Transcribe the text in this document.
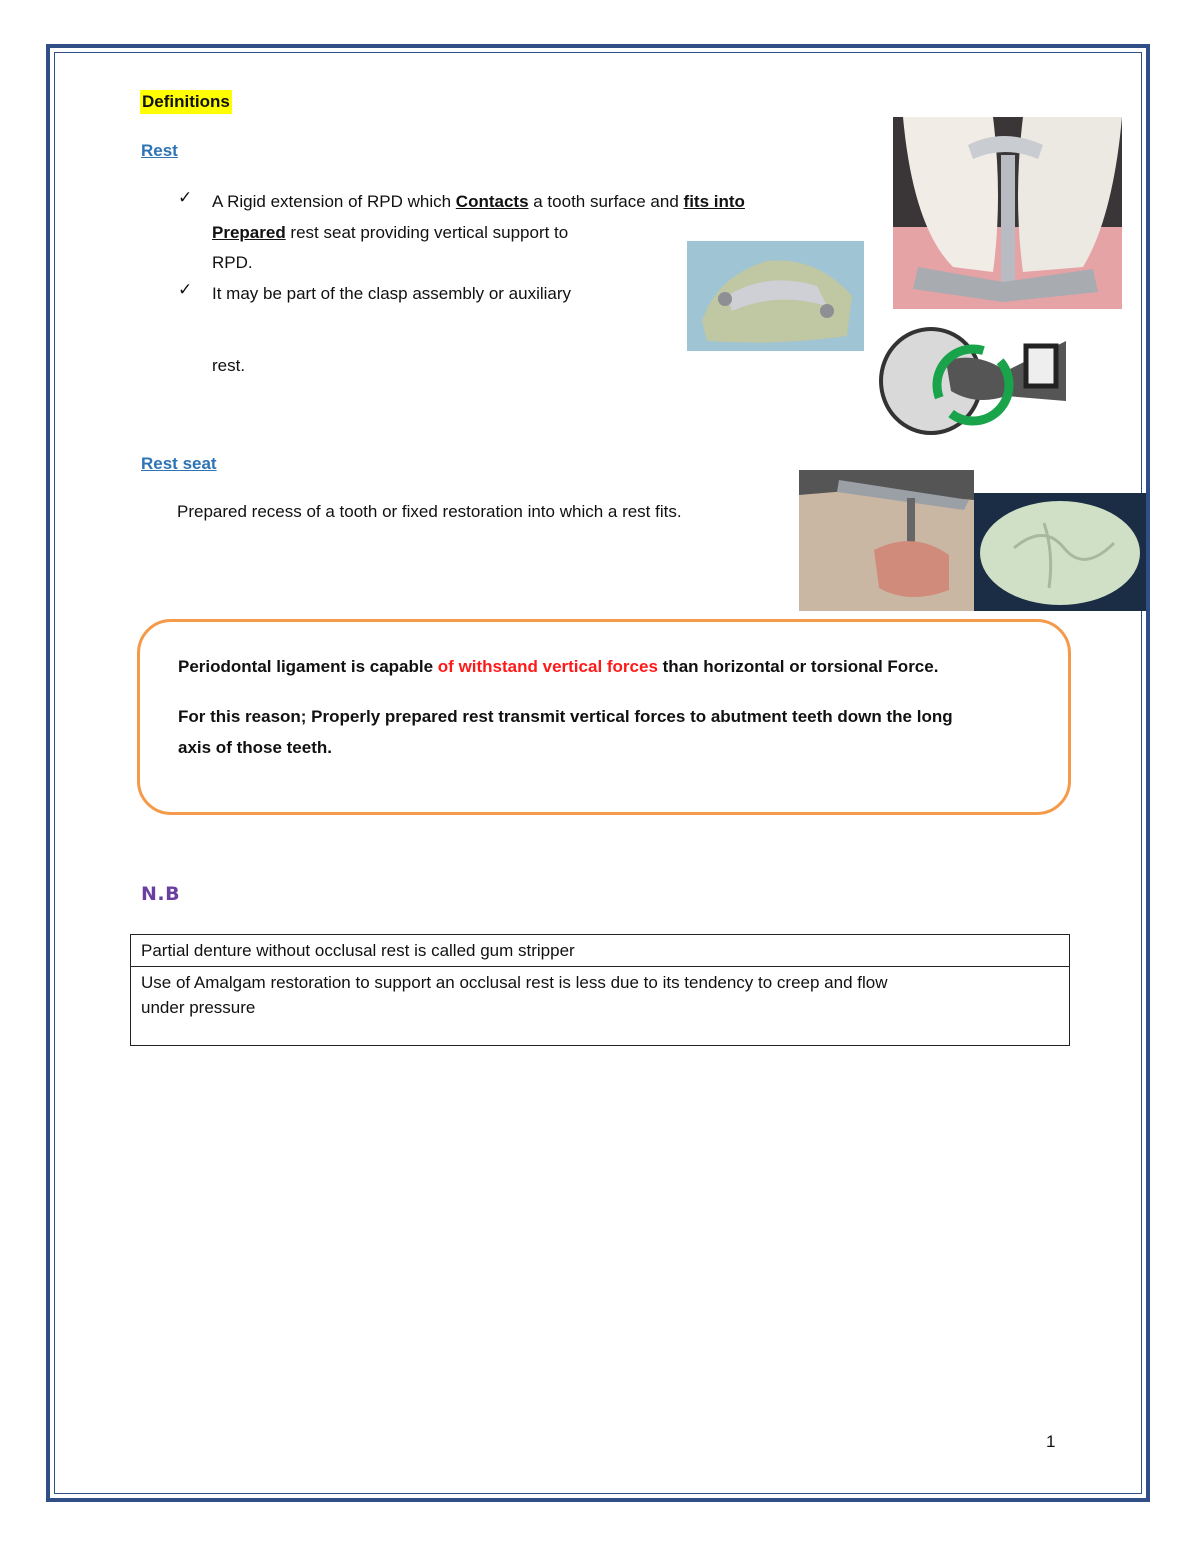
Definitions
Rest
✓ A Rigid extension of RPD which Contacts a tooth surface and fits into
Prepared rest seat providing vertical support to
RPD.
✓ It may be part of the clasp assembly or auxiliary
rest.
Rest seat
Prepared recess of a tooth or fixed restoration into which a rest fits.

Periodontal ligament is capable of withstand vertical forces than horizontal or torsional Force.

For this reason; Properly prepared rest transmit vertical forces to abutment teeth down the long

axis of those teeth.

N.B
Partial denture without occlusal rest is called gum stripper

Use of Amalgam restoration to support an occlusal rest is less due to its tendency to creep and flow
under pressure
1
